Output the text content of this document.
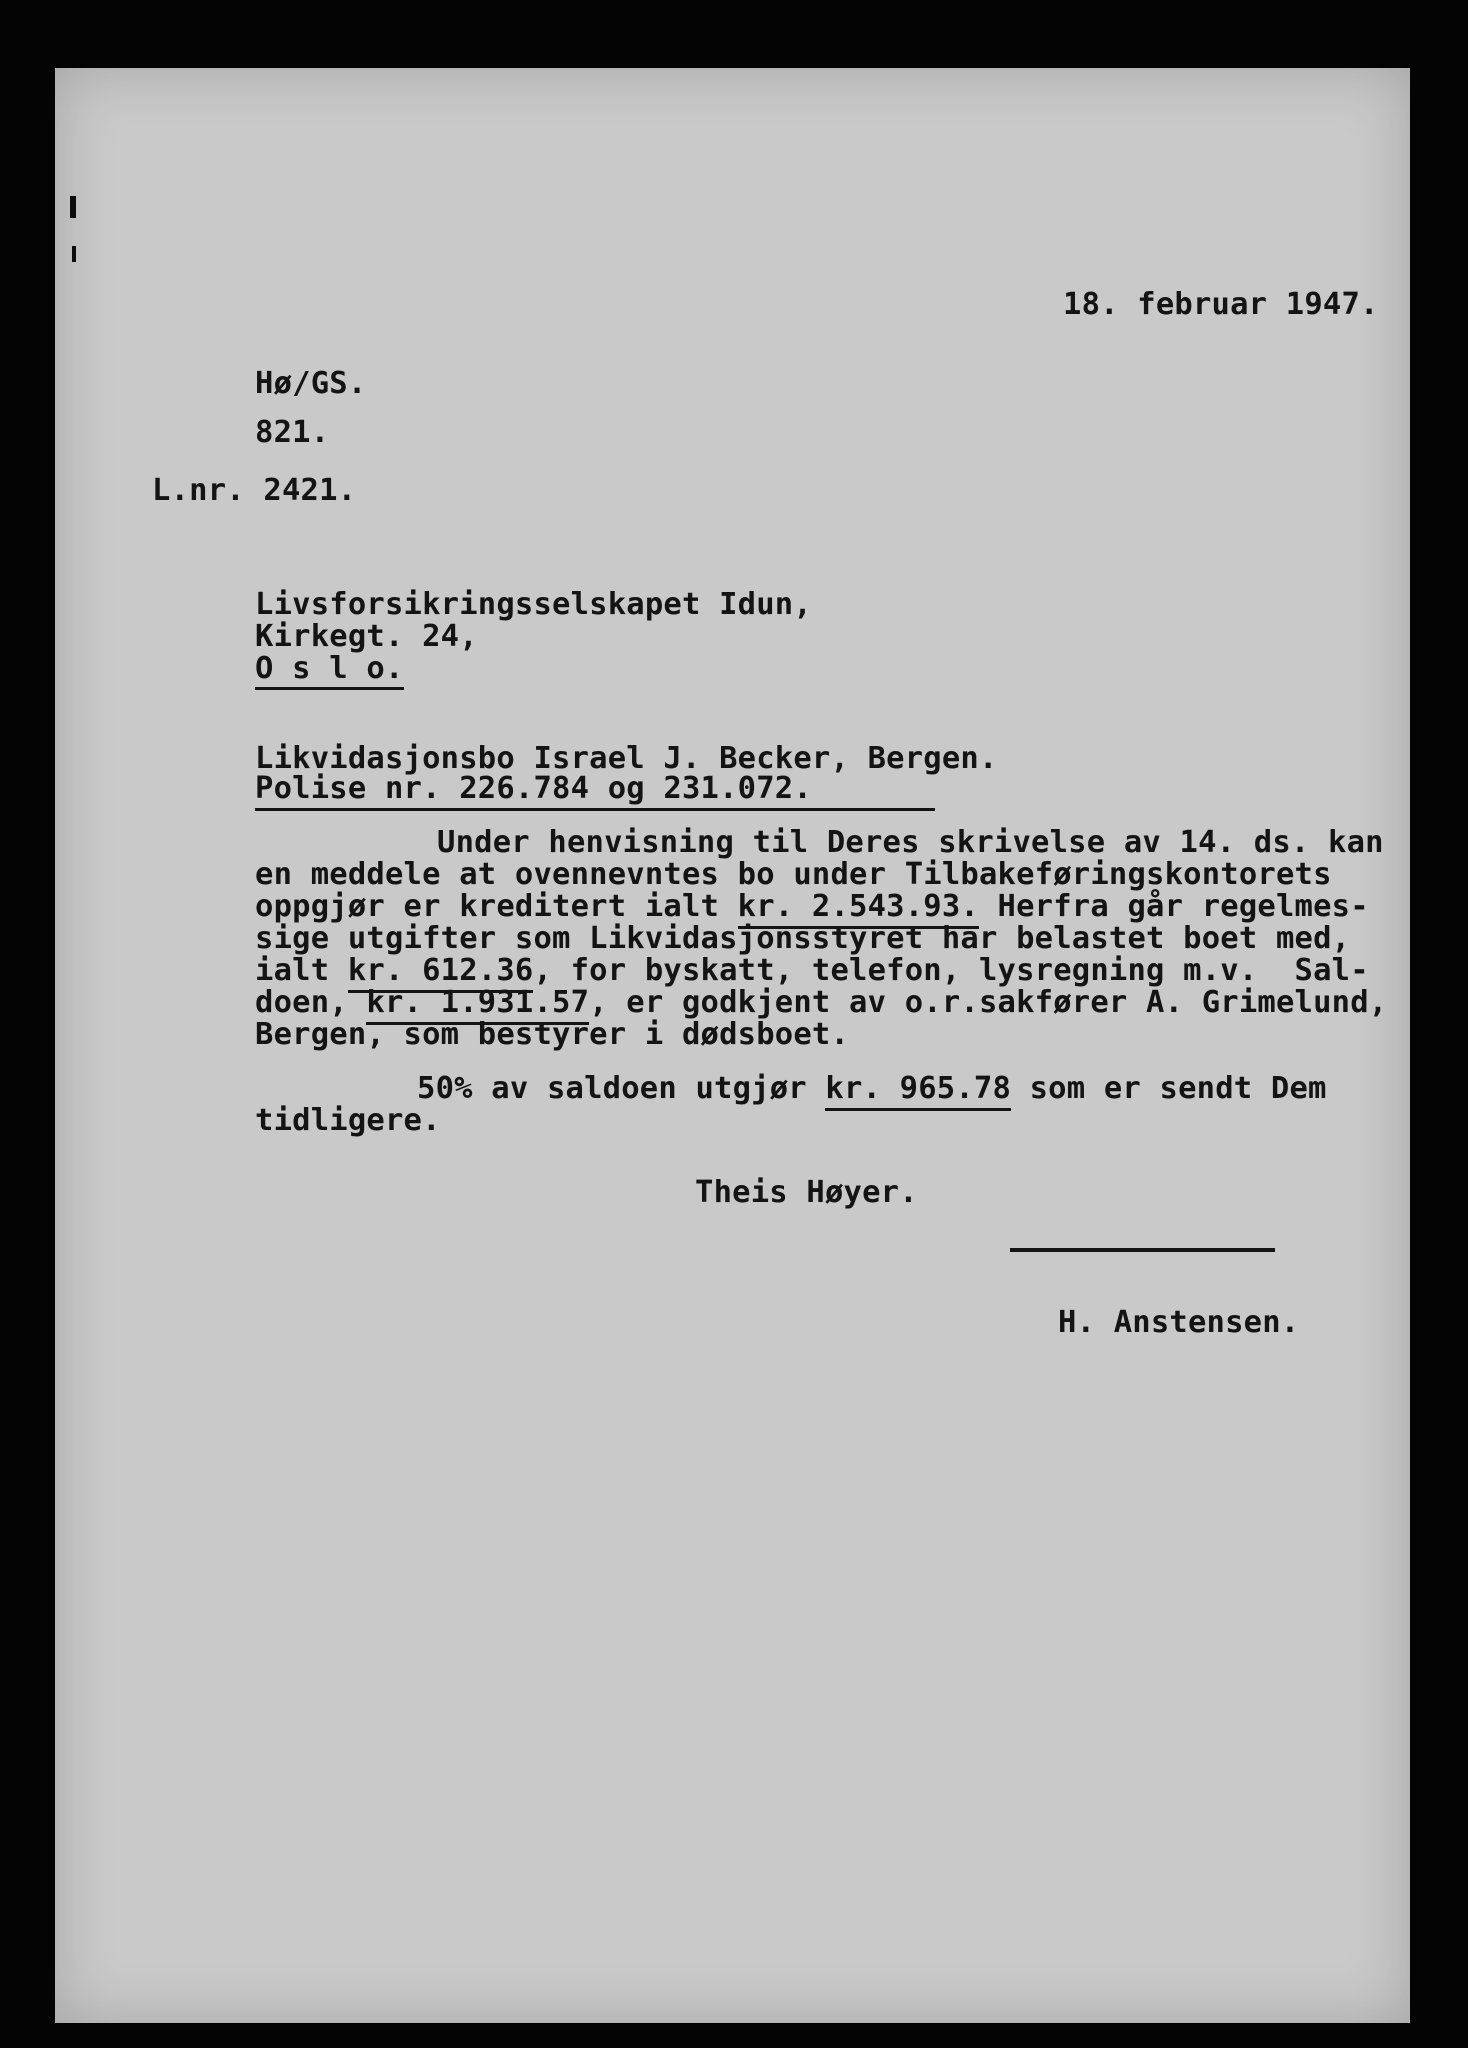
18. februar 1947.
Hø/GS.
821.
L.nr. 2421.
Livsforsikringsselskapet Idun,
Kirkegt. 24,
O s l o.
Likvidasjonsbo Israel J. Becker, Bergen.
Polise nr. 226.784 og 231.072.
Under henvisning til Deres skrivelse av 14. ds. kan
en meddele at ovennevntes bo under Tilbakeføringskontorets
oppgjør er kreditert ialt kr. 2.543.93. Herfra går regelmes-
sige utgifter som Likvidasjonsstyret har belastet boet med,
ialt kr. 612.36, for byskatt, telefon, lysregning m.v.  Sal-
doen, kr. 1.931.57, er godkjent av o.r.sakfører A. Grimelund,
Bergen, som bestyrer i dødsboet.
50% av saldoen utgjør kr. 965.78 som er sendt Dem
tidligere.
Theis Høyer.
H. Anstensen.
